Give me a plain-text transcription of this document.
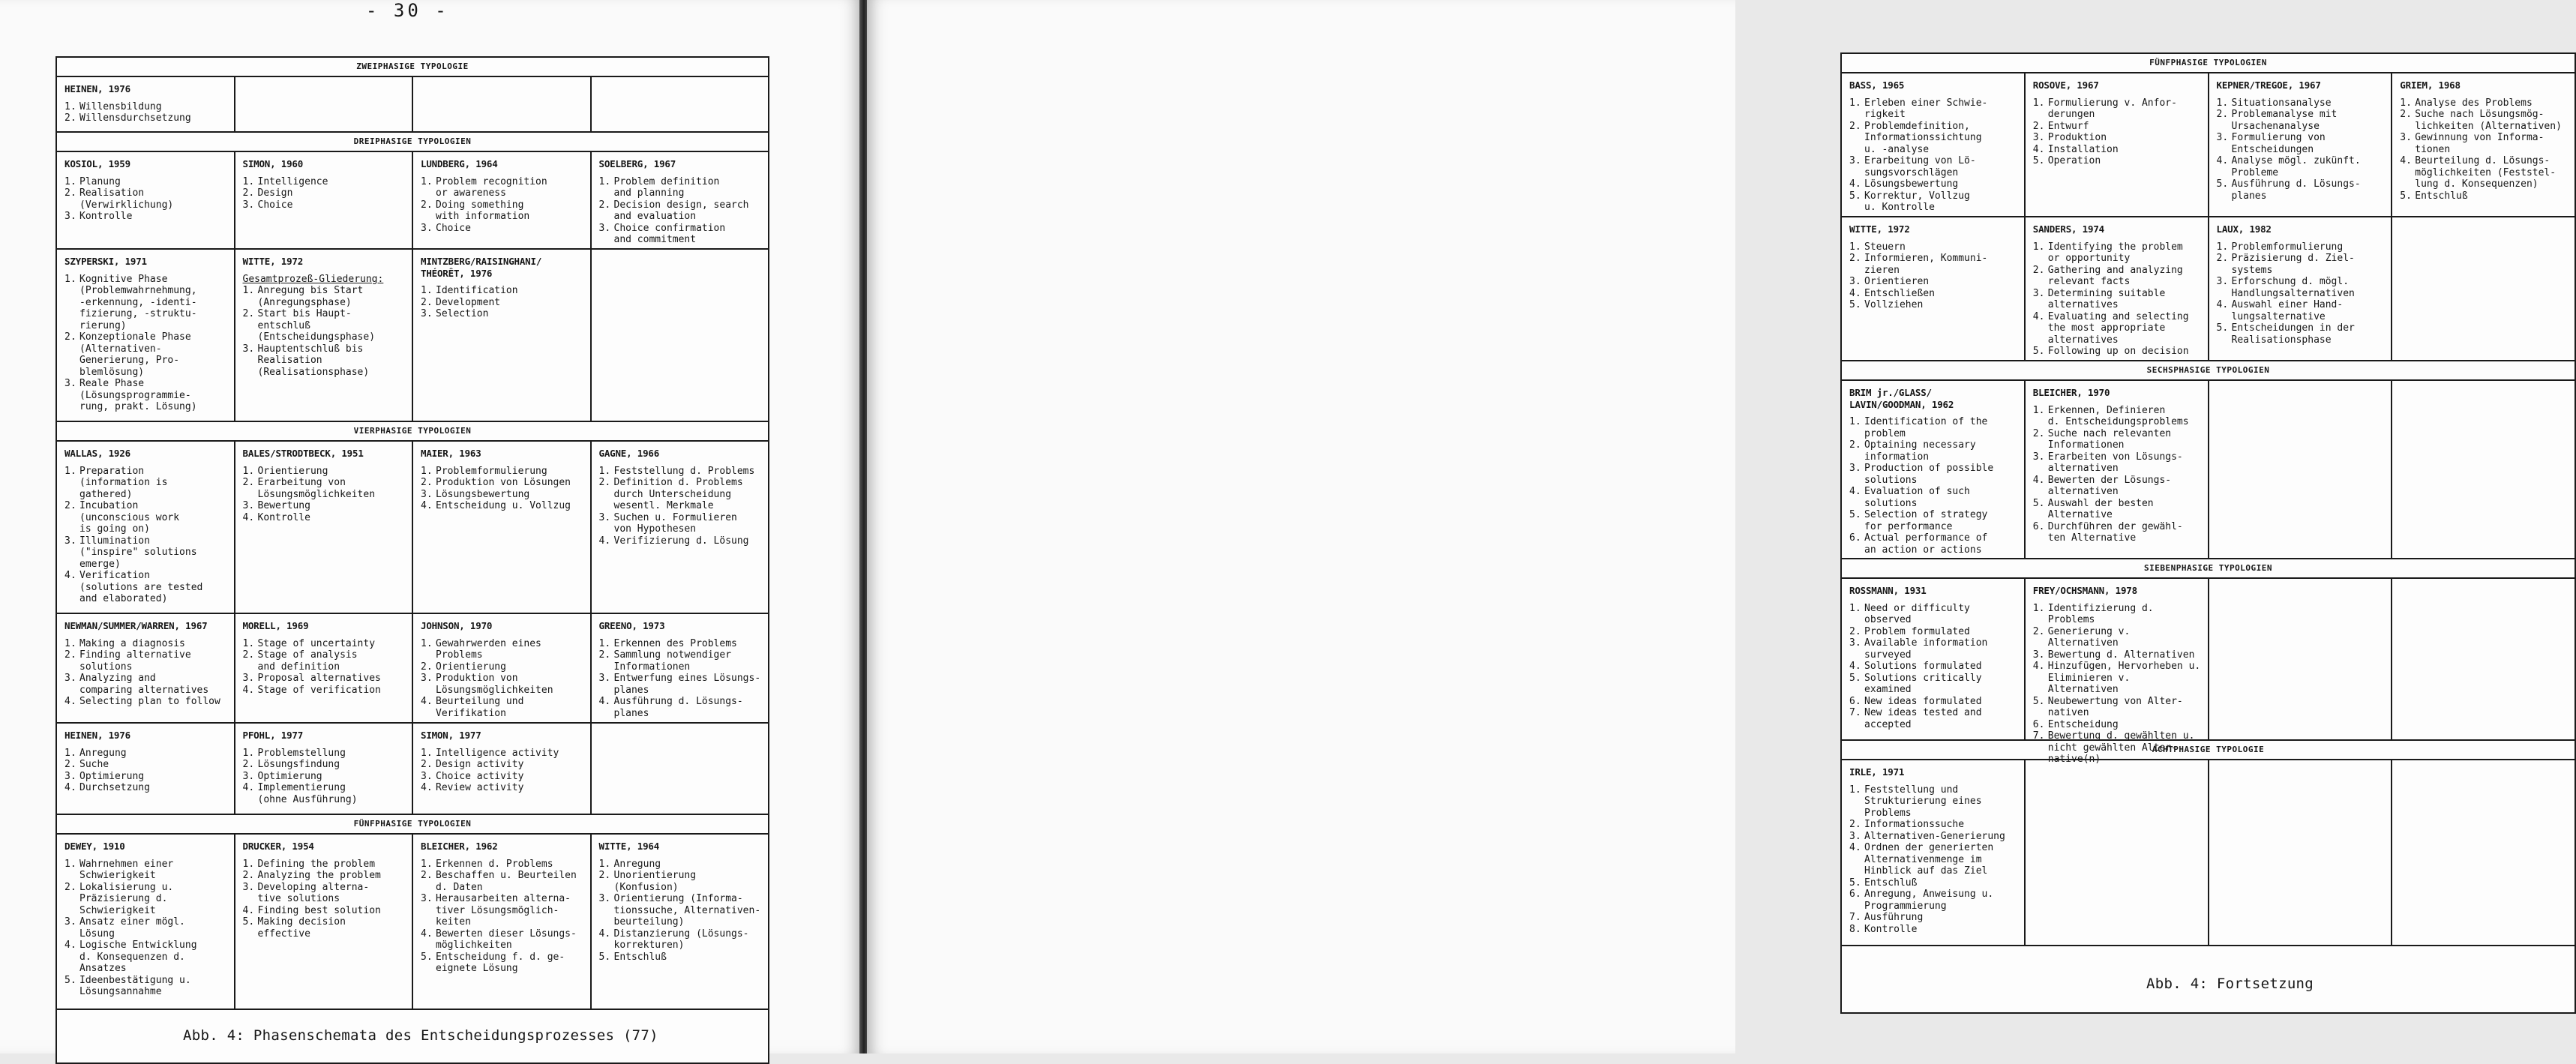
- 30 -
ZWEIPHASIGE TYPOLOGIE
HEINEN, 1976
1. Willensbildung
2. Willensdurchsetzung
DREIPHASIGE TYPOLOGIEN
KOSIOL, 1959
1. Planung
2. Realisation
(Verwirklichung)
3. Kontrolle
SIMON, 1960
1. Intelligence
2. Design
3. Choice
LUNDBERG, 1964
1. Problem recognition
or awareness
2. Doing something
with information
3. Choice
SOELBERG, 1967
1. Problem definition
and planning
2. Decision design, search
and evaluation
3. Choice confirmation
and commitment
SZYPERSKI, 1971
1. Kognitive Phase
(Problemwahrnehmung,
-erkennung, -identi-
fizierung, -struktu-
rierung)
2. Konzeptionale Phase
(Alternativen-
Generierung, Pro-
blemlösung)
3. Reale Phase
(Lösungsprogrammie-
rung, prakt. Lösung)
WITTE, 1972
Gesamtprozeß-Gliederung:
1. Anregung bis Start
(Anregungsphase)
2. Start bis Haupt-
entschluß
(Entscheidungsphase)
3. Hauptentschluß bis
Realisation
(Realisationsphase)
MINTZBERG/RAISINGHANI/
THÉORÊT, 1976
1. Identification
2. Development
3. Selection
VIERPHASIGE TYPOLOGIEN
WALLAS, 1926
1. Preparation
(information is
gathered)
2. Incubation
(unconscious work
is going on)
3. Illumination
("inspire" solutions
emerge)
4. Verification
(solutions are tested
and elaborated)
BALES/STRODTBECK, 1951
1. Orientierung
2. Erarbeitung von
Lösungsmöglichkeiten
3. Bewertung
4. Kontrolle
MAIER, 1963
1. Problemformulierung
2. Produktion von Lösungen
3. Lösungsbewertung
4. Entscheidung u. Vollzug
GAGNE, 1966
1. Feststellung d. Problems
2. Definition d. Problems
durch Unterscheidung
wesentl. Merkmale
3. Suchen u. Formulieren
von Hypothesen
4. Verifizierung d. Lösung
NEWMAN/SUMMER/WARREN, 1967
1. Making a diagnosis
2. Finding alternative
solutions
3. Analyzing and
comparing alternatives
4. Selecting plan to follow
MORELL, 1969
1. Stage of uncertainty
2. Stage of analysis
and definition
3. Proposal alternatives
4. Stage of verification
JOHNSON, 1970
1. Gewahrwerden eines
Problems
2. Orientierung
3. Produktion von
Lösungsmöglichkeiten
4. Beurteilung und
Verifikation
GREENO, 1973
1. Erkennen des Problems
2. Sammlung notwendiger
Informationen
3. Entwerfung eines Lösungs-
planes
4. Ausführung d. Lösungs-
planes
HEINEN, 1976
1. Anregung
2. Suche
3. Optimierung
4. Durchsetzung
PFOHL, 1977
1. Problemstellung
2. Lösungsfindung
3. Optimierung
4. Implementierung
(ohne Ausführung)
SIMON, 1977
1. Intelligence activity
2. Design activity
3. Choice activity
4. Review activity
FÜNFPHASIGE TYPOLOGIEN
DEWEY, 1910
1. Wahrnehmen einer
Schwierigkeit
2. Lokalisierung u.
Präzisierung d.
Schwierigkeit
3. Ansatz einer mögl.
Lösung
4. Logische Entwicklung
d. Konsequenzen d.
Ansatzes
5. Ideenbestätigung u.
Lösungsannahme
DRUCKER, 1954
1. Defining the problem
2. Analyzing the problem
3. Developing alterna-
tive solutions
4. Finding best solution
5. Making decision
effective
BLEICHER, 1962
1. Erkennen d. Problems
2. Beschaffen u. Beurteilen
d. Daten
3. Herausarbeiten alterna-
tiver Lösungsmöglich-
keiten
4. Bewerten dieser Lösungs-
möglichkeiten
5. Entscheidung f. d. ge-
eignete Lösung
WITTE, 1964
1. Anregung
2. Unorientierung (Konfusion)
3. Orientierung (Informa-
tionssuche, Alternativen-
beurteilung)
4. Distanzierung (Lösungs-
korrekturen)
5. Entschluß
Abb. 4: Phasenschemata des Entscheidungsprozesses (77)
FÜNFPHASIGE TYPOLOGIEN
BASS, 1965
1. Erleben einer Schwie-
rigkeit
2. Problemdefinition,
Informationssichtung
u. -analyse
3. Erarbeitung von Lö-
sungsvorschlägen
4. Lösungsbewertung
5. Korrektur, Vollzug
u. Kontrolle
ROSOVE, 1967
1. Formulierung v. Anfor-
derungen
2. Entwurf
3. Produktion
4. Installation
5. Operation
KEPNER/TREGOE, 1967
1. Situationsanalyse
2. Problemanalyse mit
Ursachenanalyse
3. Formulierung von
Entscheidungen
4. Analyse mögl. zukünft.
Probleme
5. Ausführung d. Lösungs-
planes
GRIEM, 1968
1. Analyse des Problems
2. Suche nach Lösungsmög-
lichkeiten (Alternativen)
3. Gewinnung von Informa-
tionen
4. Beurteilung d. Lösungs-
möglichkeiten (Feststel-
lung d. Konsequenzen)
5. Entschluß
WITTE, 1972
1. Steuern
2. Informieren, Kommuni-
zieren
3. Orientieren
4. Entschließen
5. Vollziehen
SANDERS, 1974
1. Identifying the problem
or opportunity
2. Gathering and analyzing
relevant facts
3. Determining suitable
alternatives
4. Evaluating and selecting
the most appropriate
alternatives
5. Following up on decision
LAUX, 1982
1. Problemformulierung
2. Präzisierung d. Ziel-
systems
3. Erforschung d. mögl.
Handlungsalternativen
4. Auswahl einer Hand-
lungsalternative
5. Entscheidungen in der
Realisationsphase
SECHSPHASIGE TYPOLOGIEN
BRIM jr./GLASS/
LAVIN/GOODMAN, 1962
1. Identification of the
problem
2. Optaining necessary
information
3. Production of possible
solutions
4. Evaluation of such
solutions
5. Selection of strategy
for performance
6. Actual performance of
an action or actions
BLEICHER, 1970
1. Erkennen, Definieren
d. Entscheidungsproblems
2. Suche nach relevanten
Informationen
3. Erarbeiten von Lösungs-
alternativen
4. Bewerten der Lösungs-
alternativen
5. Auswahl der besten
Alternative
6. Durchführen der gewähl-
ten Alternative
SIEBENPHASIGE TYPOLOGIEN
ROSSMANN, 1931
1. Need or difficulty
observed
2. Problem formulated
3. Available information
surveyed
4. Solutions formulated
5. Solutions critically
examined
6. New ideas formulated
7. New ideas tested and
accepted
FREY/OCHSMANN, 1978
1. Identifizierung d. Problems
2. Generierung v. Alternativen
3. Bewertung d. Alternativen
4. Hinzufügen, Hervorheben u.
Eliminieren v. Alternativen
5. Neubewertung von Alter-
nativen
6. Entscheidung
7. Bewertung d. gewählten u.
nicht gewählten Alter-
native(n)
ACHTPHASIGE TYPOLOGIE
IRLE, 1971
1. Feststellung und
Strukturierung eines
Problems
2. Informationssuche
3. Alternativen-Generierung
4. Ordnen der generierten
Alternativenmenge im
Hinblick auf das Ziel
5. Entschluß
6. Anregung, Anweisung u.
Programmierung
7. Ausführung
8. Kontrolle
Abb. 4: Fortsetzung
